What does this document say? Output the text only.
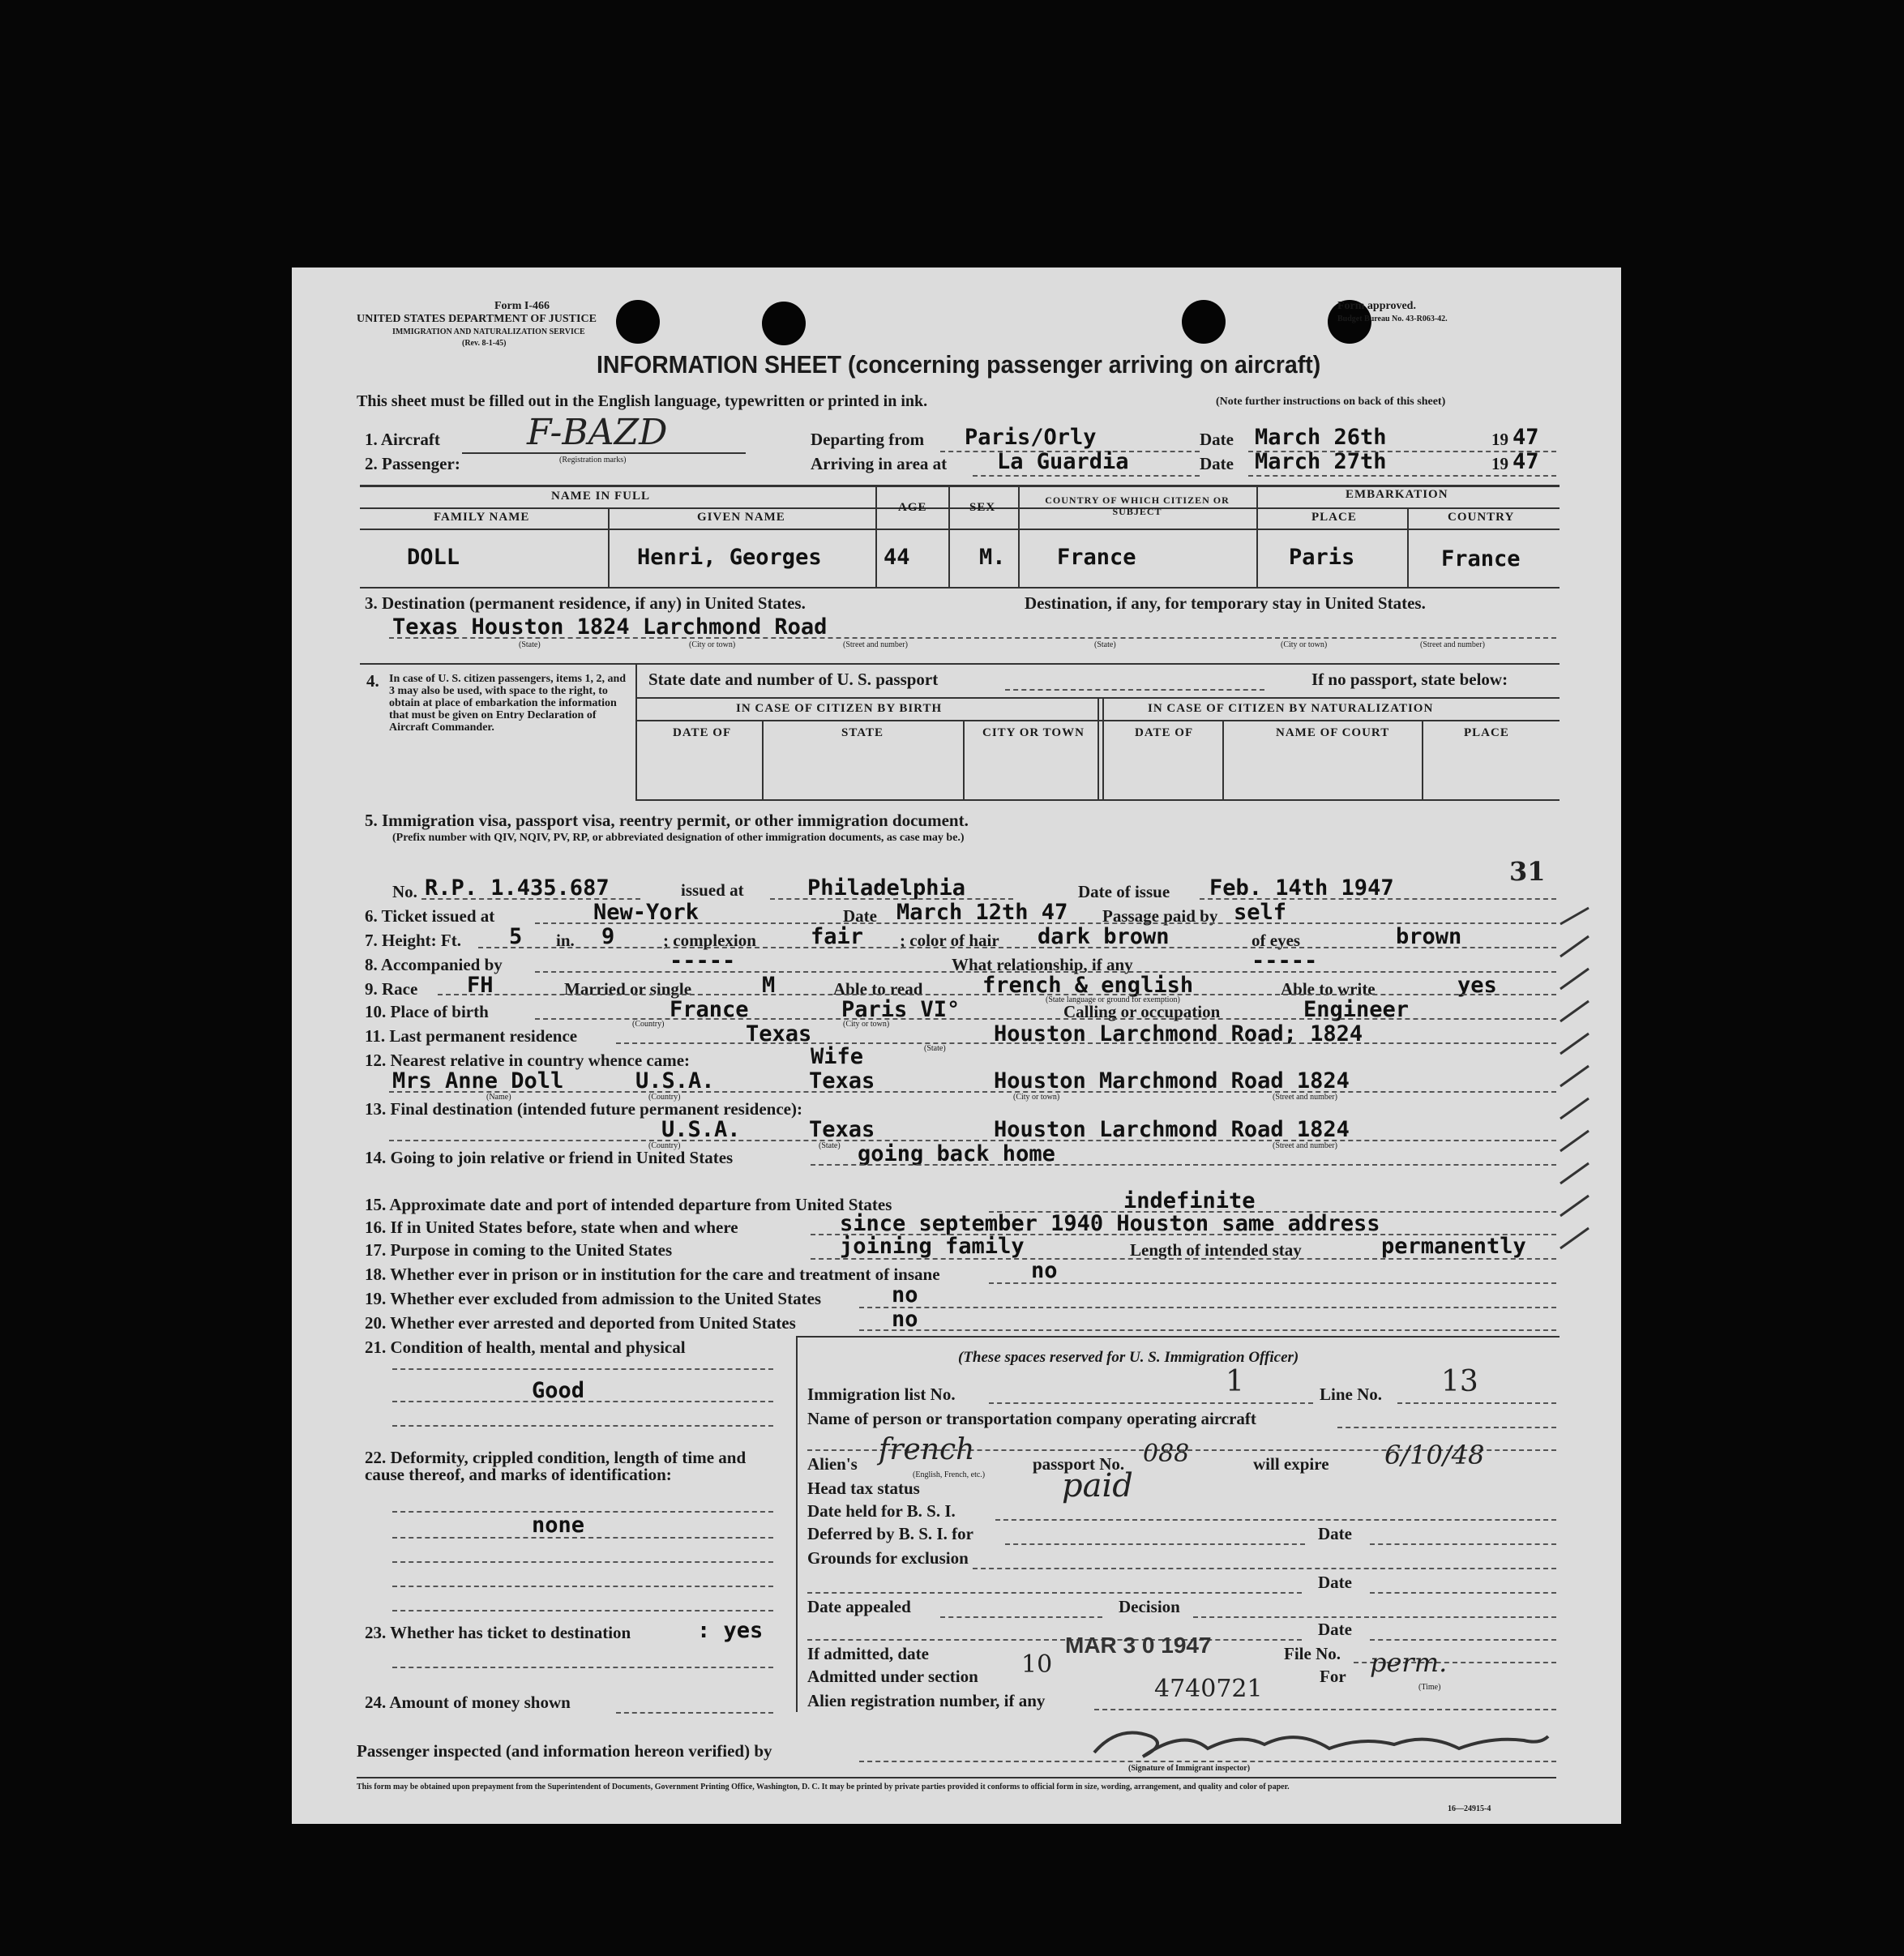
Form I-466
UNITED STATES DEPARTMENT OF JUSTICE
IMMIGRATION AND NATURALIZATION SERVICE
(Rev. 8-1-45)
Form approved.
Budget Bureau No. 43-R063-42.
INFORMATION SHEET (concerning passenger arriving on aircraft)
This sheet must be filled out in the English language, typewritten or printed in ink.	(Note further instructions on back of this sheet)
1. Aircraft F-BAZD
(Registration marks)
Departing from Paris/Orly	Date March 26th	19 47
2. Passenger:	Arriving in area at La Guardia	Date March 27th	19 47
NAME IN FULL
FAMILY NAME	GIVEN NAME
AGE	SEX
COUNTRY OF WHICH CITIZEN OR SUBJECT
EMBARKATION
PLACE	COUNTRY
DOLL	Henri, Georges	44	M. France	Paris	France
3. Destination (permanent residence, if any) in United States.	Destination, if any, for temporary stay in United States.
Texas Houston 1824 Larchmond Road
(State)	(City or town)	(Street and number)	(State)	(City or town)	(Street and number)
4. In case of U. S. citizen passengers, items 1, 2, and 3 may also be used, with space to the right, to obtain at place of embarkation the information that must be given on Entry Declaration of Aircraft Commander.
State date and number of U. S. passport	If no passport, state below:
IN CASE OF CITIZEN BY BIRTH	IN CASE OF CITIZEN BY NATURALIZATION
DATE OF	STATE	CITY OR TOWN	DATE OF	NAME OF COURT	PLACE
5. Immigration visa, passport visa, reentry permit, or other immigration document.
(Prefix number with QIV, NQIV, PV, RP, or abbreviated designation of other immigration documents, as case may be.)
31
No. R.P. 1.435.687	issued at	Philadelphia	Date of issue Feb. 14th 1947
6. Ticket issued at	New-York	Date March 12th 47 Passage paid by self
7. Height: Ft. 5 in. 9	; complexion fair ; color of hair dark brown	of eyes	brown
8. Accompanied by	-----	What relationship, if any	-----
9. Race FH	Married or single	M	Able to read	french & english	Able to write	yes
(State language or ground for exemption)
10. Place of birth	France	Paris VI°	Calling or occupation	Engineer
(Country)	(City or town)
11. Last permanent residence	Texas	Houston Larchmond Road; 1824
(State)
12. Nearest relative in country whence came:	Wife
Mrs Anne Doll	U.S.A.	Texas	Houston Marchmond Road 1824
(Name)	(Country)	(City or town)	(Street and number)
13. Final destination (intended future permanent residence):
U.S.A.	Texas	Houston Larchmond Road 1824
(Country)	(State)	(Street and number)
14. Going to join relative or friend in United States	going back home
15. Approximate date and port of intended departure from United States	indefinite
16. If in United States before, state when and where	since september 1940 Houston same address
17. Purpose in coming to the United States	joining family	Length of intended stay	permanently
18. Whether ever in prison or in institution for the care and treatment of insane	no
19. Whether ever excluded from admission to the United States	no
20. Whether ever arrested and deported from United States	no
21. Condition of health, mental and physical
Good
22. Deformity, crippled condition, length of time and cause thereof, and marks of identification:
none
23. Whether has ticket to destination	: yes
24. Amount of money shown
(These spaces reserved for U. S. Immigration Officer)
Immigration list No.	1	Line No. 13
Name of person or transportation company operating aircraft
Alien's french
(English, French, etc.)
passport No. 088	will expire 6/10/48
Head tax status	paid
Date held for B. S. I.
Deferred by B. S. I. for	Date
Grounds for exclusion
Date
Date appealed	Decision
Date
If admitted, date	MAR 3 0 1947	File No.
Admitted under section 10	For perm.
(Time)
Alien registration number, if any	4740721
Passenger inspected (and information hereon verified) by
(Signature of Immigrant inspector)
This form may be obtained upon prepayment from the Superintendent of Documents, Government Printing Office, Washington, D. C. It may be printed by private parties provided it conforms to official form in size, wording, arrangement, and quality and color of paper.
16—24915-4
